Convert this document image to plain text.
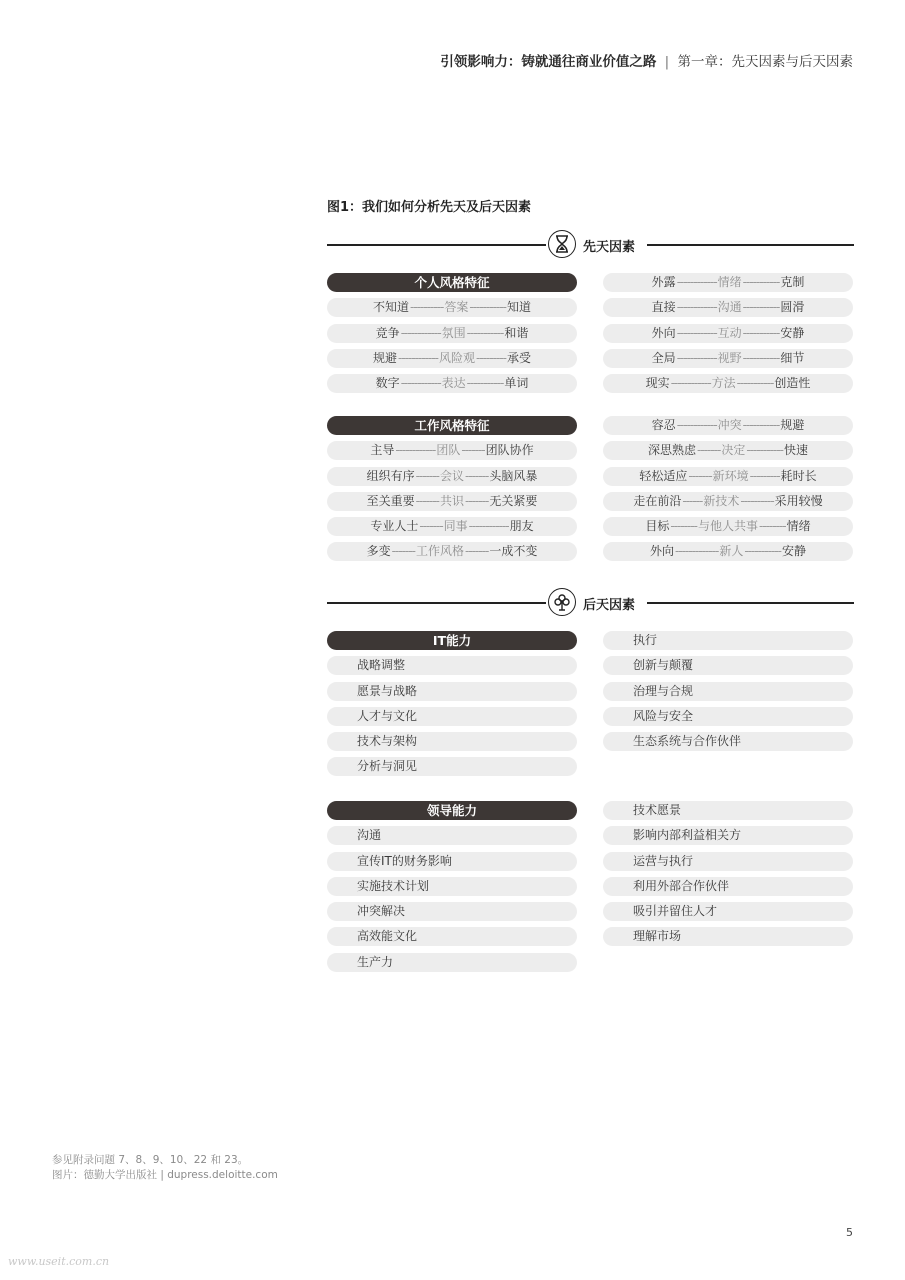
引领影响力：铸就通往商业价值之路 | 第一章：先天因素与后天因素
图1：我们如何分析先天及后天因素
先天因素
个人风格特征
不知道 ---------- 答案 ----------- 知道
竞争 ------------ 氛围 ----------- 和谐
规避 ------------ 风险观 --------- 承受
数字 ------------ 表达 ----------- 单词
外露 ------------ 情绪 ----------- 克制
直接 ------------ 沟通 ----------- 圆滑
外向 ------------ 互动 ----------- 安静
全局 ------------ 视野 ----------- 细节
现实 ------------ 方法 ----------- 创造性
工作风格特征
主导 ------------ 团队 ------- 团队协作
组织有序 ------- 会议 ------- 头脑风暴
至关重要 ------- 共识 ------- 无关紧要
专业人士 ------- 同事 ------------ 朋友
多变 ------- 工作风格 ------- 一成不变
容忍 ------------ 冲突 ----------- 规避
深思熟虑 ------- 决定 ----------- 快速
轻松适应 ------- 新环境 --------- 耗时长
走在前沿 ------ 新技术 ---------- 采用较慢
目标 -------- 与他人共事 -------- 情绪
外向 ------------- 新人 ----------- 安静
后天因素
IT能力
战略调整
愿景与战略
人才与文化
技术与架构
分析与洞见
执行
创新与颠覆
治理与合规
风险与安全
生态系统与合作伙伴
领导能力
沟通
宣传IT的财务影响
实施技术计划
冲突解决
高效能文化
生产力
技术愿景
影响内部利益相关方
运营与执行
利用外部合作伙伴
吸引并留住人才
理解市场
参见附录问题 7、8、9、10、22 和 23。
图片：德勤大学出版社 | dupress.deloitte.com
5
www.useit.com.cn
